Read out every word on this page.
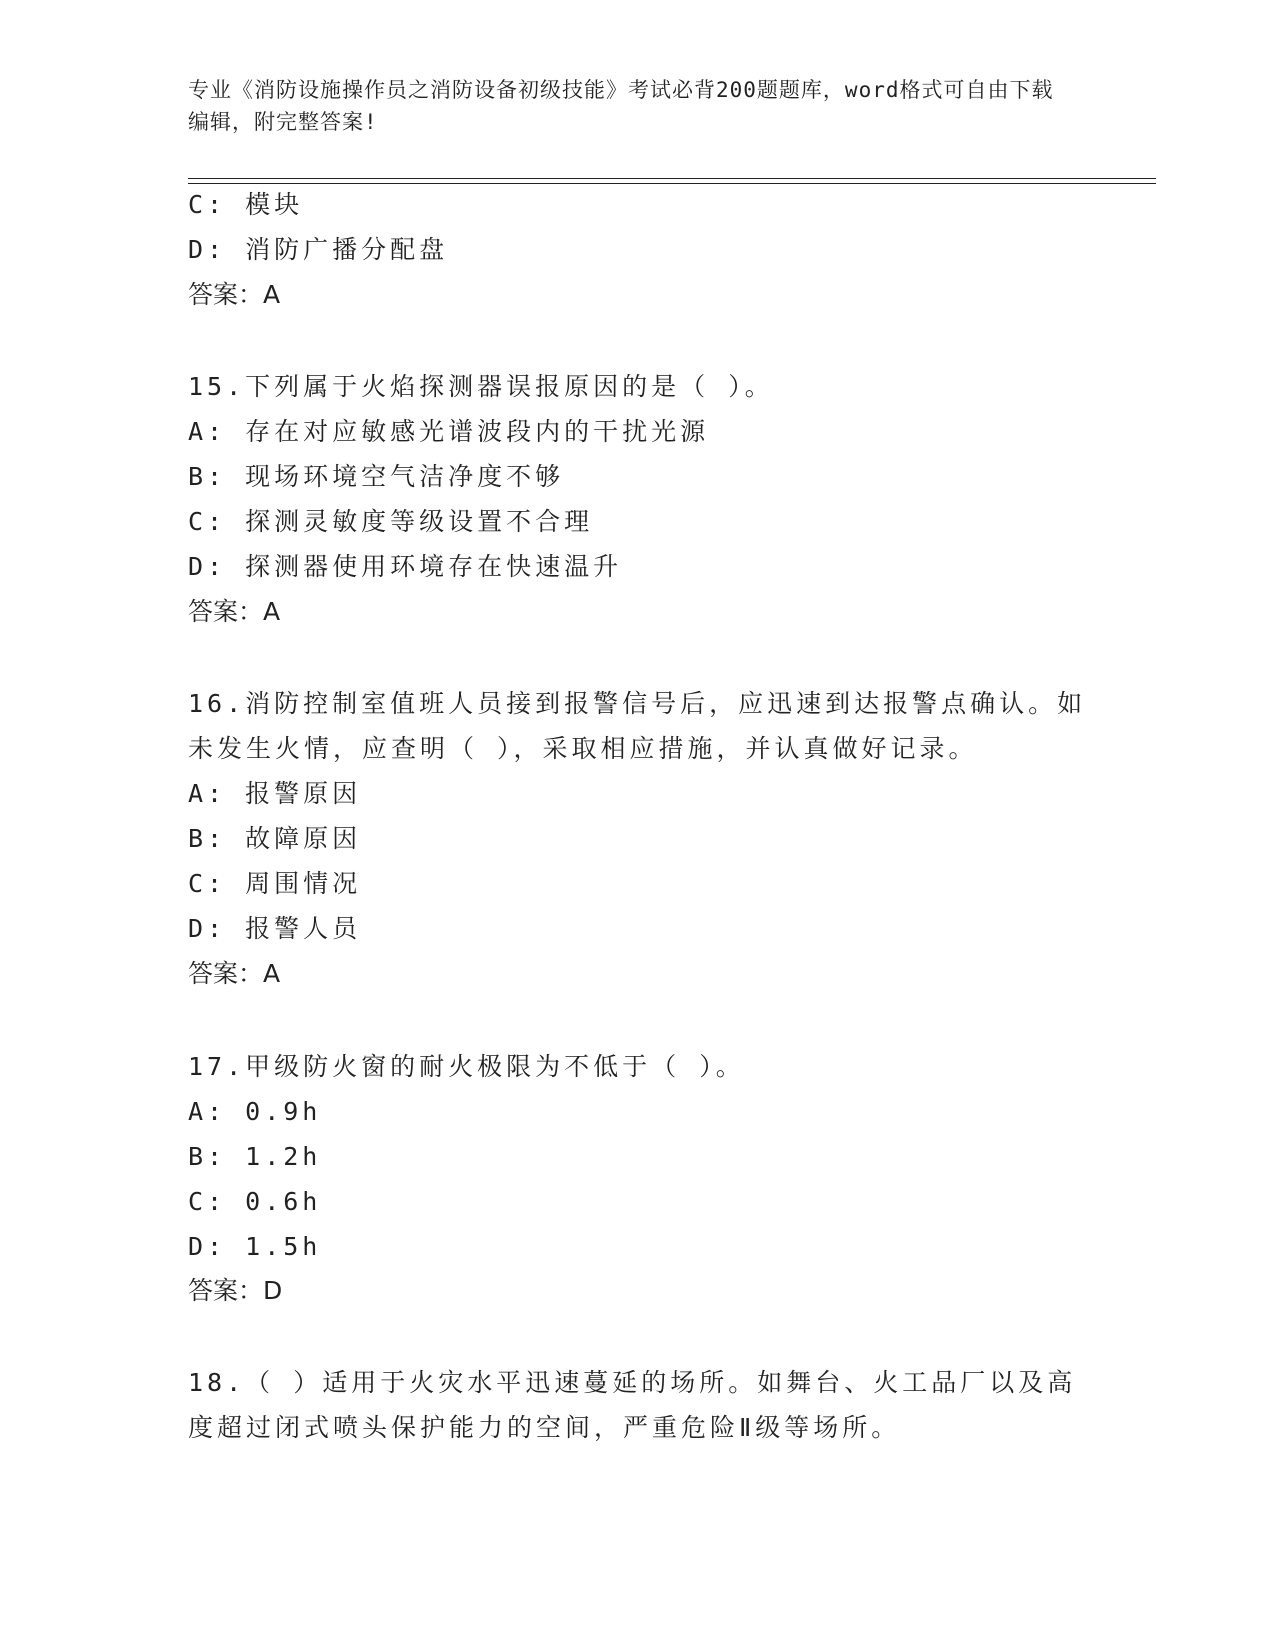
专业《消防设施操作员之消防设备初级技能》考试必背200题题库，word格式可自由下载编辑，附完整答案!
C: 模块
D: 消防广播分配盘
答案：A
15.下列属于火焰探测器误报原因的是（ ）。
A: 存在对应敏感光谱波段内的干扰光源
B: 现场环境空气洁净度不够
C: 探测灵敏度等级设置不合理
D: 探测器使用环境存在快速温升
答案：A
16.消防控制室值班人员接到报警信号后，应迅速到达报警点确认。如
未发生火情，应查明（ ），采取相应措施，并认真做好记录。
A: 报警原因
B: 故障原因
C: 周围情况
D: 报警人员
答案：A
17.甲级防火窗的耐火极限为不低于（ ）。
A: 0.9h
B: 1.2h
C: 0.6h
D: 1.5h
答案：D
18.（ ）适用于火灾水平迅速蔓延的场所。如舞台、火工品厂以及高
度超过闭式喷头保护能力的空间，严重危险Ⅱ级等场所。
